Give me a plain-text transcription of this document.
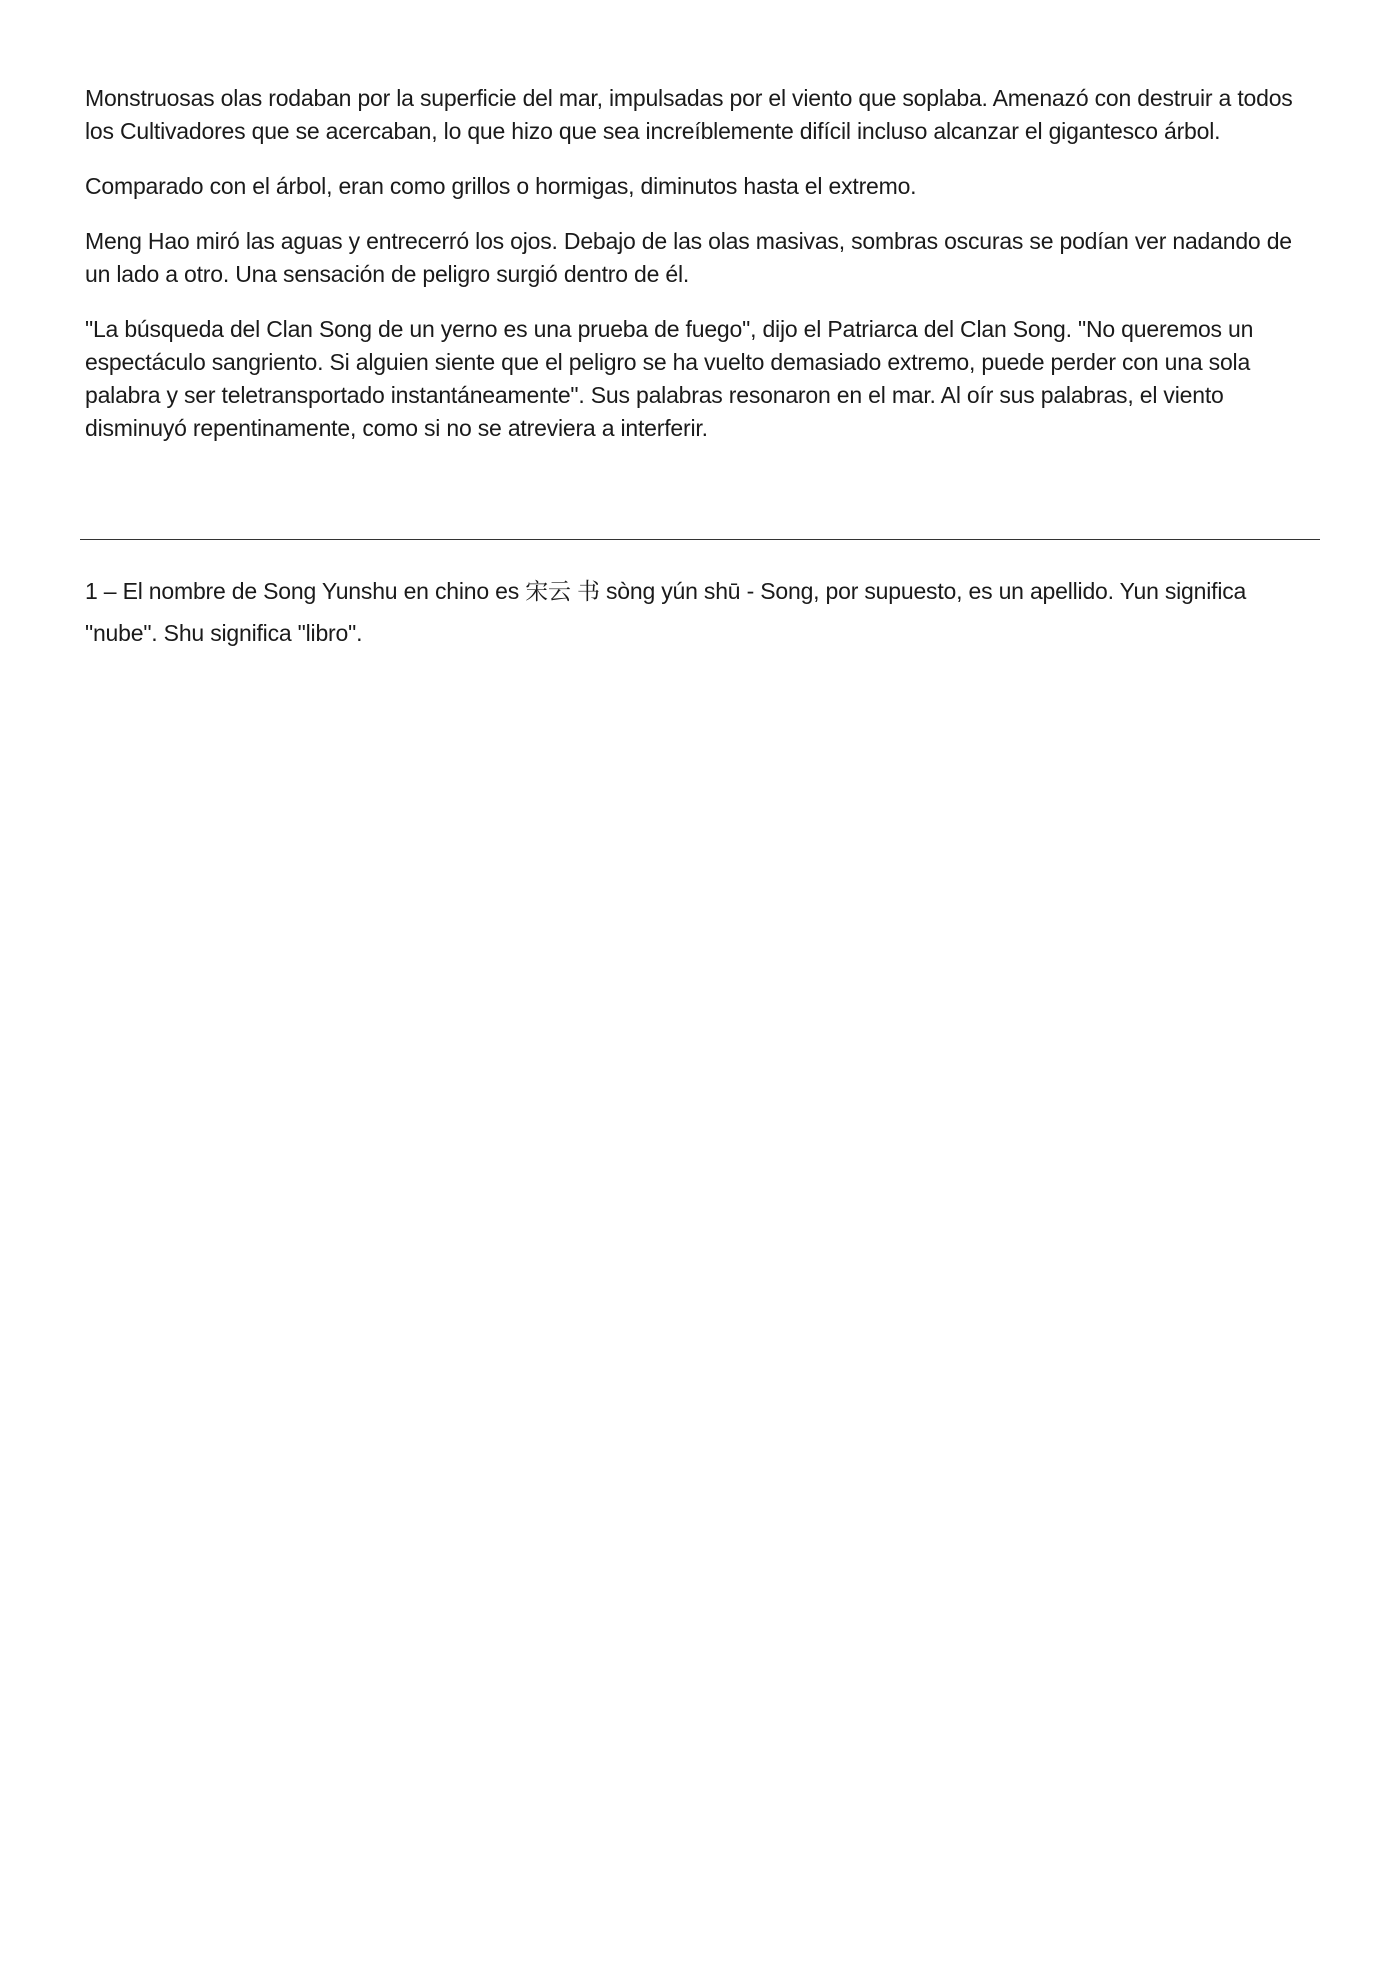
Monstruosas olas rodaban por la superficie del mar, impulsadas por el viento que soplaba. Amenazó con destruir a todos los Cultivadores que se acercaban, lo que hizo que sea increíblemente difícil incluso alcanzar el gigantesco árbol.

Comparado con el árbol, eran como grillos o hormigas, diminutos hasta el extremo.

Meng Hao miró las aguas y entrecerró los ojos. Debajo de las olas masivas, sombras oscuras se podían ver nadando de un lado a otro. Una sensación de peligro surgió dentro de él.

"La búsqueda del Clan Song de un yerno es una prueba de fuego", dijo el Patriarca del Clan Song. "No queremos un espectáculo sangriento. Si alguien siente que el peligro se ha vuelto demasiado extremo, puede perder con una sola palabra y ser teletransportado instantáneamente". Sus palabras resonaron en el mar. Al oír sus palabras, el viento disminuyó repentinamente, como si no se atreviera a interferir.

1 – El nombre de Song Yunshu en chino es 宋云 书 sòng yún shū - Song, por supuesto, es un apellido. Yun significa "nube". Shu significa "libro".
